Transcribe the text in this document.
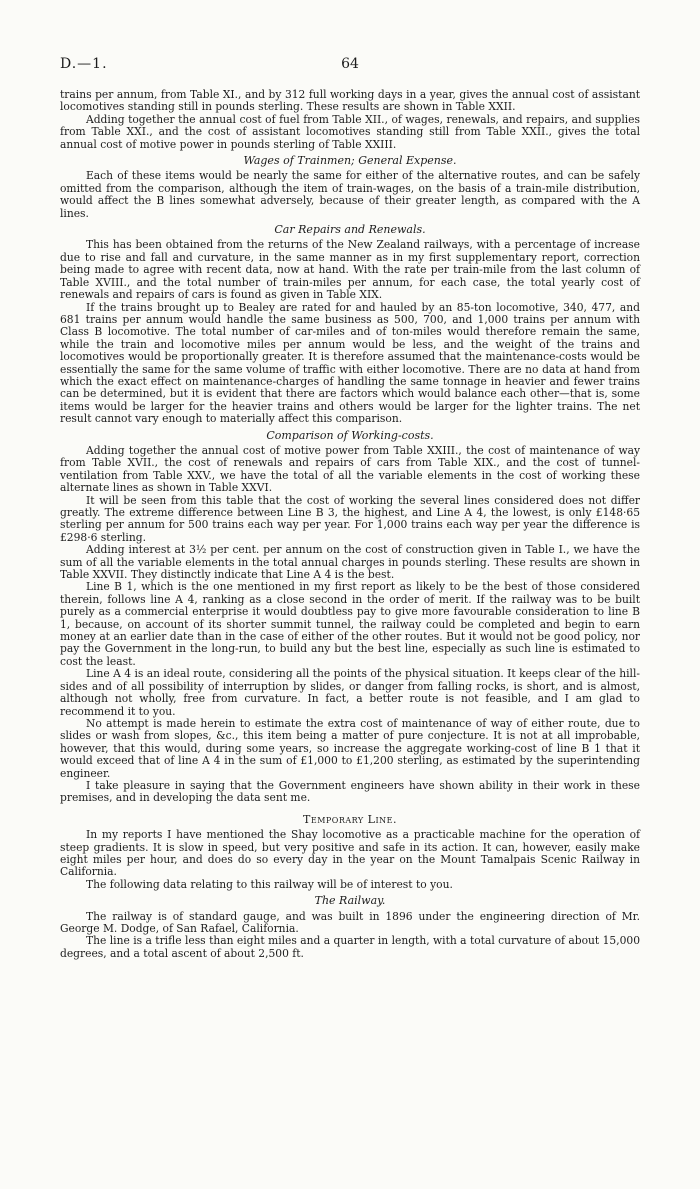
D.—1.	64

trains per annum, from Table XI., and by 312 full working days in a year, gives the annual cost of assistant locomotives standing still in pounds sterling. These results are shown in Table XXII.

Adding together the annual cost of fuel from Table XII., of wages, renewals, and repairs, and supplies from Table XXI., and the cost of assistant locomotives standing still from Table XXII., gives the total annual cost of motive power in pounds sterling of Table XXIII.

Wages of Trainmen; General Expense.

Each of these items would be nearly the same for either of the alternative routes, and can be safely omitted from the comparison, although the item of train-wages, on the basis of a train-mile distribution, would affect the B lines somewhat adversely, because of their greater length, as compared with the A lines.

Car Repairs and Renewals.

This has been obtained from the returns of the New Zealand railways, with a percentage of increase due to rise and fall and curvature, in the same manner as in my first supplementary report, correction being made to agree with recent data, now at hand. With the rate per train-mile from the last column of Table XVIII., and the total number of train-miles per annum, for each case, the total yearly cost of renewals and repairs of cars is found as given in Table XIX.

If the trains brought up to Bealey are rated for and hauled by an 85-ton locomotive, 340, 477, and 681 trains per annum would handle the same business as 500, 700, and 1,000 trains per annum with Class B locomotive. The total number of car-miles and of ton-miles would therefore remain the same, while the train and locomotive miles per annum would be less, and the weight of the trains and locomotives would be proportionally greater. It is therefore assumed that the maintenance-costs would be essentially the same for the same volume of traffic with either locomotive. There are no data at hand from which the exact effect on maintenance-charges of handling the same tonnage in heavier and fewer trains can be determined, but it is evident that there are factors which would balance each other—that is, some items would be larger for the heavier trains and others would be larger for the lighter trains. The net result cannot vary enough to materially affect this comparison.

Comparison of Working-costs.

Adding together the annual cost of motive power from Table XXIII., the cost of maintenance of way from Table XVII., the cost of renewals and repairs of cars from Table XIX., and the cost of tunnel-ventilation from Table XXV., we have the total of all the variable elements in the cost of working these alternate lines as shown in Table XXVI.

It will be seen from this table that the cost of working the several lines considered does not differ greatly. The extreme difference between Line B 3, the highest, and Line A 4, the lowest, is only £148·65 sterling per annum for 500 trains each way per year. For 1,000 trains each way per year the difference is £298·6 sterling.

Adding interest at 3½ per cent. per annum on the cost of construction given in Table I., we have the sum of all the variable elements in the total annual charges in pounds sterling. These results are shown in Table XXVII. They distinctly indicate that Line A 4 is the best.

Line B 1, which is the one mentioned in my first report as likely to be the best of those considered therein, follows line A 4, ranking as a close second in the order of merit. If the railway was to be built purely as a commercial enterprise it would doubtless pay to give more favourable consideration to line B 1, because, on account of its shorter summit tunnel, the railway could be completed and begin to earn money at an earlier date than in the case of either of the other routes. But it would not be good policy, nor pay the Government in the long-run, to build any but the best line, especially as such line is estimated to cost the least.

Line A 4 is an ideal route, considering all the points of the physical situation. It keeps clear of the hill-sides and of all possibility of interruption by slides, or danger from falling rocks, is short, and is almost, although not wholly, free from curvature. In fact, a better route is not feasible, and I am glad to recommend it to you.

No attempt is made herein to estimate the extra cost of maintenance of way of either route, due to slides or wash from slopes, &c., this item being a matter of pure conjecture. It is not at all improbable, however, that this would, during some years, so increase the aggregate working-cost of line B 1 that it would exceed that of line A 4 in the sum of £1,000 to £1,200 sterling, as estimated by the superintending engineer.

I take pleasure in saying that the Government engineers have shown ability in their work in these premises, and in developing the data sent me.

Temporary Line.

In my reports I have mentioned the Shay locomotive as a practicable machine for the operation of steep gradients. It is slow in speed, but very positive and safe in its action. It can, however, easily make eight miles per hour, and does do so every day in the year on the Mount Tamalpais Scenic Railway in California.

The following data relating to this railway will be of interest to you.

The Railway.

The railway is of standard gauge, and was built in 1896 under the engineering direction of Mr. George M. Dodge, of San Rafael, California.

The line is a trifle less than eight miles and a quarter in length, with a total curvature of about 15,000 degrees, and a total ascent of about 2,500 ft.
